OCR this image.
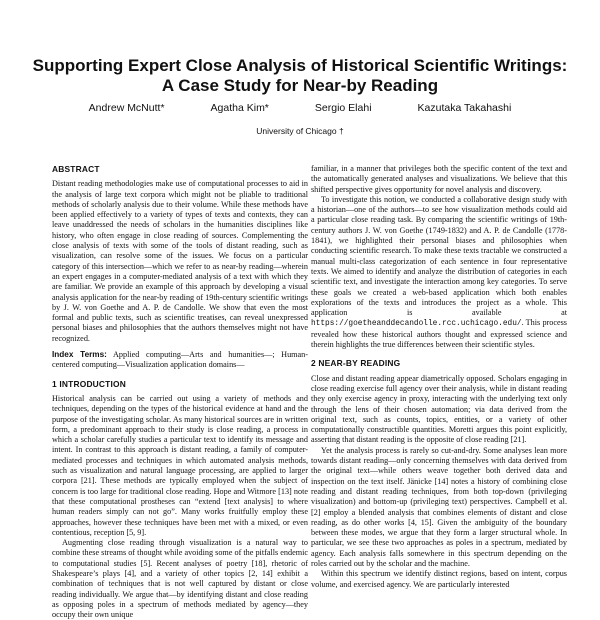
Supporting Expert Close Analysis of Historical Scientific Writings:
A Case Study for Near-by Reading
Andrew McNutt*	Agatha Kim*	Sergio Elahi	Kazutaka Takahashi
University of Chicago †
ABSTRACT

Distant reading methodologies make use of computational processes to aid in the analysis of large text corpora which might not be pliable to traditional methods of scholarly analysis due to their volume. While these methods have been applied effectively to a variety of types of texts and contexts, they can leave unaddressed the needs of scholars in the humanities disciplines like history, who often engage in close reading of sources. Complementing the close analysis of texts with some of the tools of distant reading, such as visualization, can resolve some of the issues. We focus on a particular category of this intersection—which we refer to as near-by reading—wherein an expert engages in a computer-mediated analysis of a text with which they are familiar. We provide an example of this approach by developing a visual analysis application for the near-by reading of 19th-century scientific writings by J. W. von Goethe and A. P. de Candolle. We show that even the most formal and public texts, such as scientific treatises, can reveal unexpressed personal biases and philosophies that the authors themselves might not have recognized.

Index Terms: Applied computing—Arts and humanities—; Human-centered computing—Visualization application domains—

1 INTRODUCTION

Historical analysis can be carried out using a variety of methods and techniques, depending on the types of the historical evidence at hand and the purpose of the investigating scholar. As many historical sources are in written form, a predominant approach to their study is close reading, a process in which a scholar carefully studies a particular text to identify its message and intent. In contrast to this approach is distant reading, a family of computer-mediated processes and techniques in which automated analysis methods, such as visualization and natural language processing, are applied to larger corpora [21]. These methods are typically employed when the subject of concern is too large for traditional close reading. Hope and Witmore [13] note that these computational prostheses can “extend [text analysis] to where human readers simply can not go”. Many works fruitfully employ these approaches, however these techniques have been met with a mixed, or even contentious, reception [5, 9].

Augmenting close reading through visualization is a natural way to combine these streams of thought while avoiding some of the pitfalls endemic to computational studies [5]. Recent analyses of poetry [18], rhetoric of Shakespeare’s plays [4], and a variety of other topics [2, 14] exhibit a combination of techniques that is not well captured by distant or close reading individually. We argue that—by identifying distant and close reading as opposing poles in a spectrum of methods mediated by agency—they occupy their own unique

familiar, in a manner that privileges both the specific content of the text and the automatically generated analyses and visualizations. We believe that this shifted perspective gives opportunity for novel analysis and discovery.

To investigate this notion, we conducted a collaborative design study with a historian—one of the authors—to see how visualization methods could aid a particular close reading task. By comparing the scientific writings of 19th-century authors J. W. von Goethe (1749-1832) and A. P. de Candolle (1778-1841), we highlighted their personal biases and philosophies when conducting scientific research. To make these texts tractable we constructed a manual multi-class categorization of each sentence in four representative texts. We aimed to identify and analyze the distribution of categories in each scientific text, and investigate the interaction among key categories. To serve these goals we created a web-based application which both enables explorations of the texts and introduces the project as a whole. This application is available at https://goetheanddecandolle.rcc.uchicago.edu/. This process revealed how these historical authors thought and expressed science and therein highlights the true differences between their scientific styles.

2 NEAR-BY READING

Close and distant reading appear diametrically opposed. Scholars engaging in close reading exercise full agency over their analysis, while in distant reading they only exercise agency in proxy, interacting with the underlying text only through the lens of their chosen automation; via data derived from the original text, such as counts, topics, entities, or a variety of other computationally constructible quantities. Moretti argues this point explicitly, asserting that distant reading is the opposite of close reading [21].

Yet the analysis process is rarely so cut-and-dry. Some analyses lean more towards distant reading—only concerning themselves with data derived from the original text—while others weave together both derived data and inspection on the text itself. Jänicke [14] notes a history of combining close reading and distant reading techniques, from both top-down (privileging visualization) and bottom-up (privileging text) perspectives. Campbell et al. [2] employ a blended analysis that combines elements of distant and close reading, as do other works [4, 15]. Given the ambiguity of the boundary between these modes, we argue that they form a larger structural whole. In particular, we see these two approaches as poles in a spectrum, mediated by agency. Each analysis falls somewhere in this spectrum depending on the roles carried out by the scholar and the machine.

Within this spectrum we identify distinct regions, based on intent, corpus volume, and exercised agency. We are particularly interested
